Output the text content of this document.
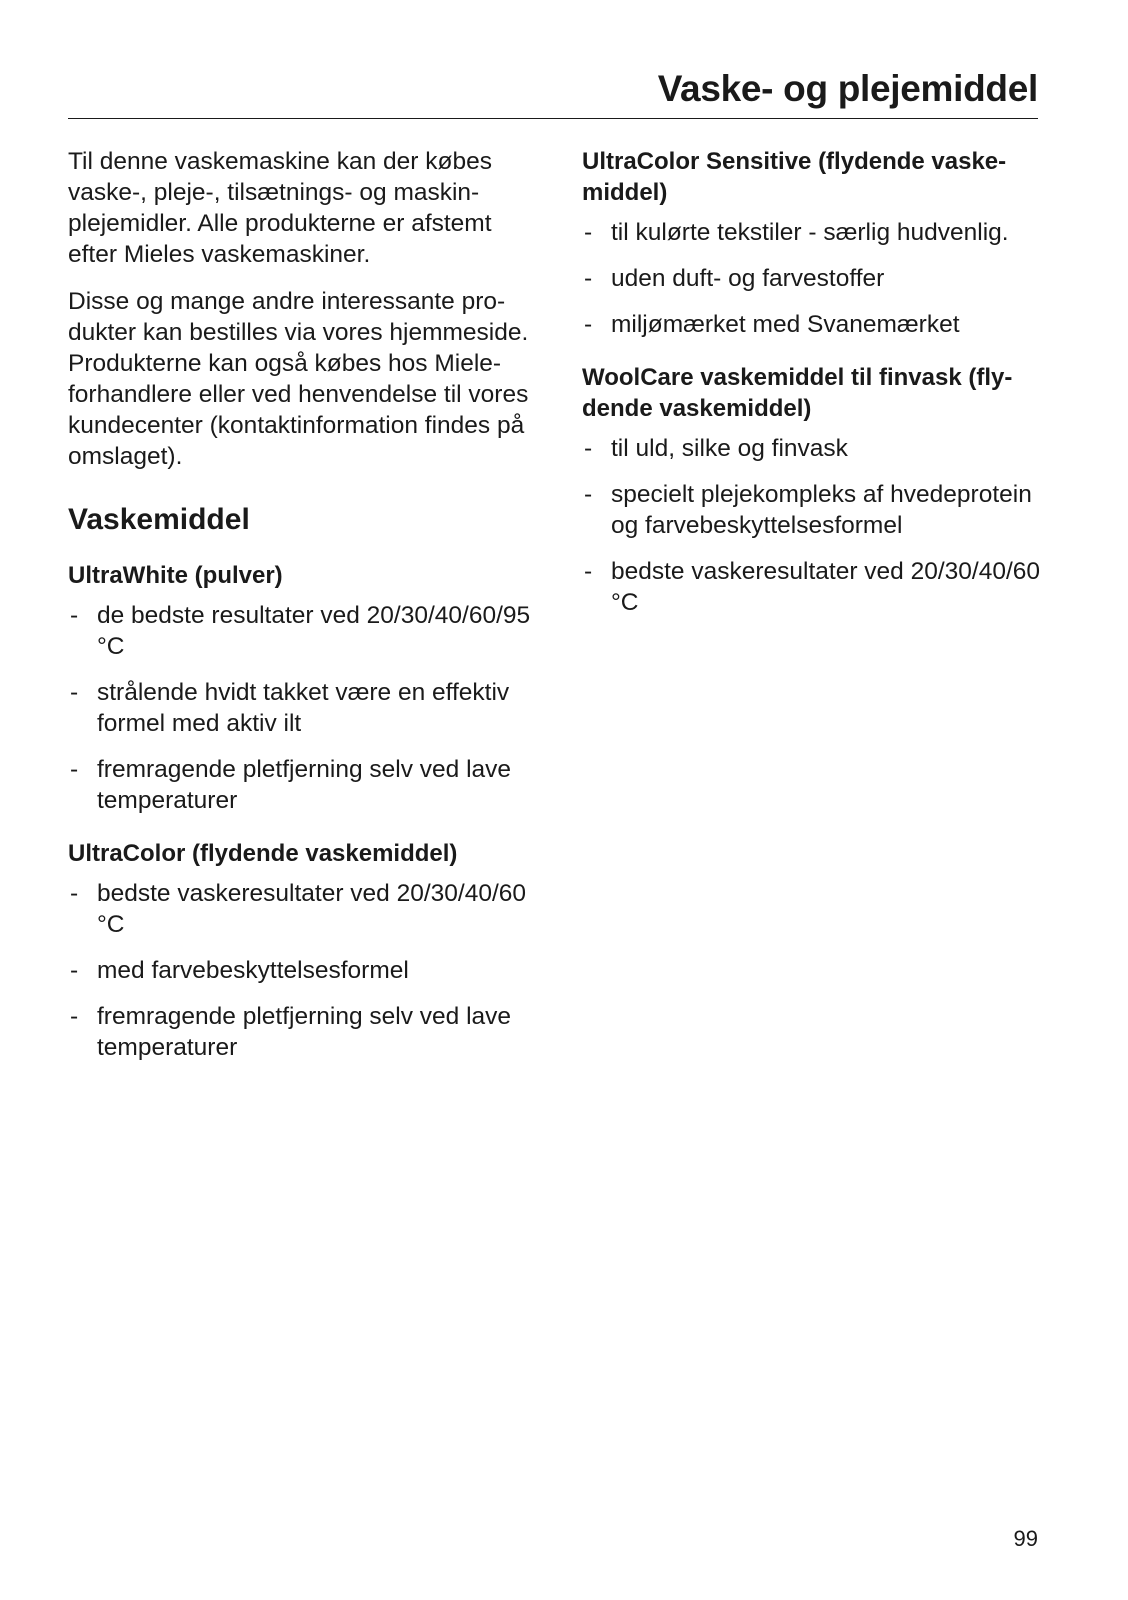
Vaske- og plejemiddel

Til denne vaskemaskine kan der købes vaske-, pleje-, tilsætnings- og maskinplejemidler. Alle produkterne er afstemt efter Mieles vaskemaskiner.

Disse og mange andre interessante produkter kan bestilles via vores hjemmeside. Produkterne kan også købes hos Miele-forhandlere eller ved henvendelse til vores kundecenter (kontaktinformation findes på omslaget).

Vaskemiddel
UltraWhite (pulver)
- de bedste resultater ved 20/30/40/60/95 °C
- strålende hvidt takket være en effektiv formel med aktiv ilt
- fremragende pletfjerning selv ved lave temperaturer
UltraColor (flydende vaskemiddel)
- bedste vaskeresultater ved 20/30/40/60 °C
- med farvebeskyttelsesformel
- fremragende pletfjerning selv ved lave temperaturer
UltraColor Sensitive (flydende vaskemiddel)
- til kulørte tekstiler - særlig hudvenlig.
- uden duft- og farvestoffer
- miljømærket med Svanemærket
WoolCare vaskemiddel til finvask (flydende vaskemiddel)
- til uld, silke og finvask
- specielt plejekompleks af hvedeprotein og farvebeskyttelsesformel
- bedste vaskeresultater ved 20/30/40/60 °C
99
